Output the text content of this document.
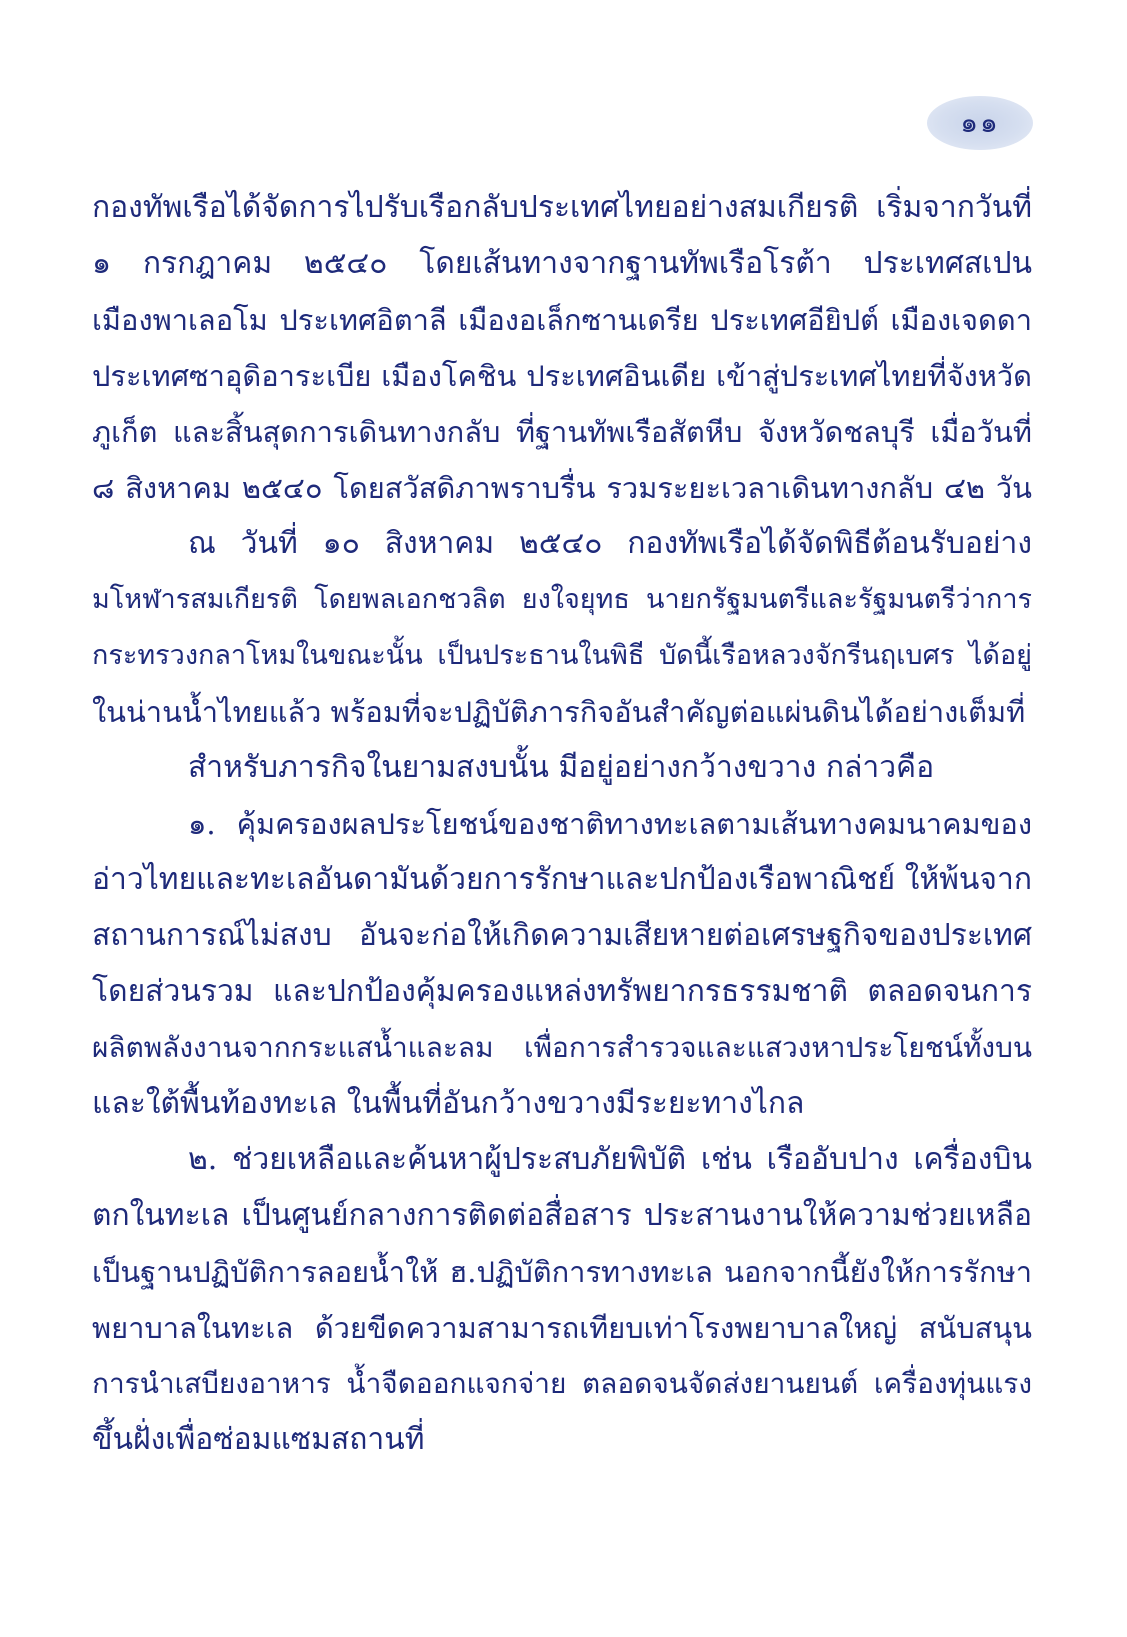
๑๑
กองทัพเรือได้จัดการไปรับเรือกลับประเทศไทยอย่างสมเกียรติ เริ่มจากวันที่
๑ กรกฎาคม ๒๕๔๐ โดยเส้นทางจากฐานทัพเรือโรต้า ประเทศสเปน
เมืองพาเลอโม ประเทศอิตาลี เมืองอเล็กซานเดรีย ประเทศอียิปต์ เมืองเจดดา
ประเทศซาอุดิอาระเบีย เมืองโคชิน ประเทศอินเดีย เข้าสู่ประเทศไทยที่จังหวัด
ภูเก็ต และสิ้นสุดการเดินทางกลับ ที่ฐานทัพเรือสัตหีบ จังหวัดชลบุรี เมื่อวันที่
๘ สิงหาคม ๒๕๔๐ โดยสวัสดิภาพราบรื่น รวมระยะเวลาเดินทางกลับ ๔๒ วัน
ณ วันที่ ๑๐ สิงหาคม ๒๕๔๐ กองทัพเรือได้จัดพิธีต้อนรับอย่าง
มโหฬารสมเกียรติ โดยพลเอกชวลิต ยงใจยุทธ นายกรัฐมนตรีและรัฐมนตรีว่าการ
กระทรวงกลาโหมในขณะนั้น เป็นประธานในพิธี บัดนี้เรือหลวงจักรีนฤเบศร ได้อยู่
ในน่านน้ำไทยแล้ว พร้อมที่จะปฏิบัติภารกิจอันสำคัญต่อแผ่นดินได้อย่างเต็มที่
สำหรับภารกิจในยามสงบนั้น มีอยู่อย่างกว้างขวาง กล่าวคือ
๑. คุ้มครองผลประโยชน์ของชาติทางทะเลตามเส้นทางคมนาคมของ
อ่าวไทยและทะเลอันดามันด้วยการรักษาและปกป้องเรือพาณิชย์ ให้พ้นจาก
สถานการณ์ไม่สงบ อันจะก่อให้เกิดความเสียหายต่อเศรษฐกิจของประเทศ
โดยส่วนรวม และปกป้องคุ้มครองแหล่งทรัพยากรธรรมชาติ ตลอดจนการ
ผลิตพลังงานจากกระแสน้ำและลม เพื่อการสำรวจและแสวงหาประโยชน์ทั้งบน
และใต้พื้นท้องทะเล ในพื้นที่อันกว้างขวางมีระยะทางไกล
๒. ช่วยเหลือและค้นหาผู้ประสบภัยพิบัติ เช่น เรืออับปาง เครื่องบิน
ตกในทะเล เป็นศูนย์กลางการติดต่อสื่อสาร ประสานงานให้ความช่วยเหลือ
เป็นฐานปฏิบัติการลอยน้ำให้ ฮ.ปฏิบัติการทางทะเล นอกจากนี้ยังให้การรักษา
พยาบาลในทะเล ด้วยขีดความสามารถเทียบเท่าโรงพยาบาลใหญ่ สนับสนุน
การนำเสบียงอาหาร น้ำจืดออกแจกจ่าย ตลอดจนจัดส่งยานยนต์ เครื่องทุ่นแรง
ขึ้นฝั่งเพื่อซ่อมแซมสถานที่
